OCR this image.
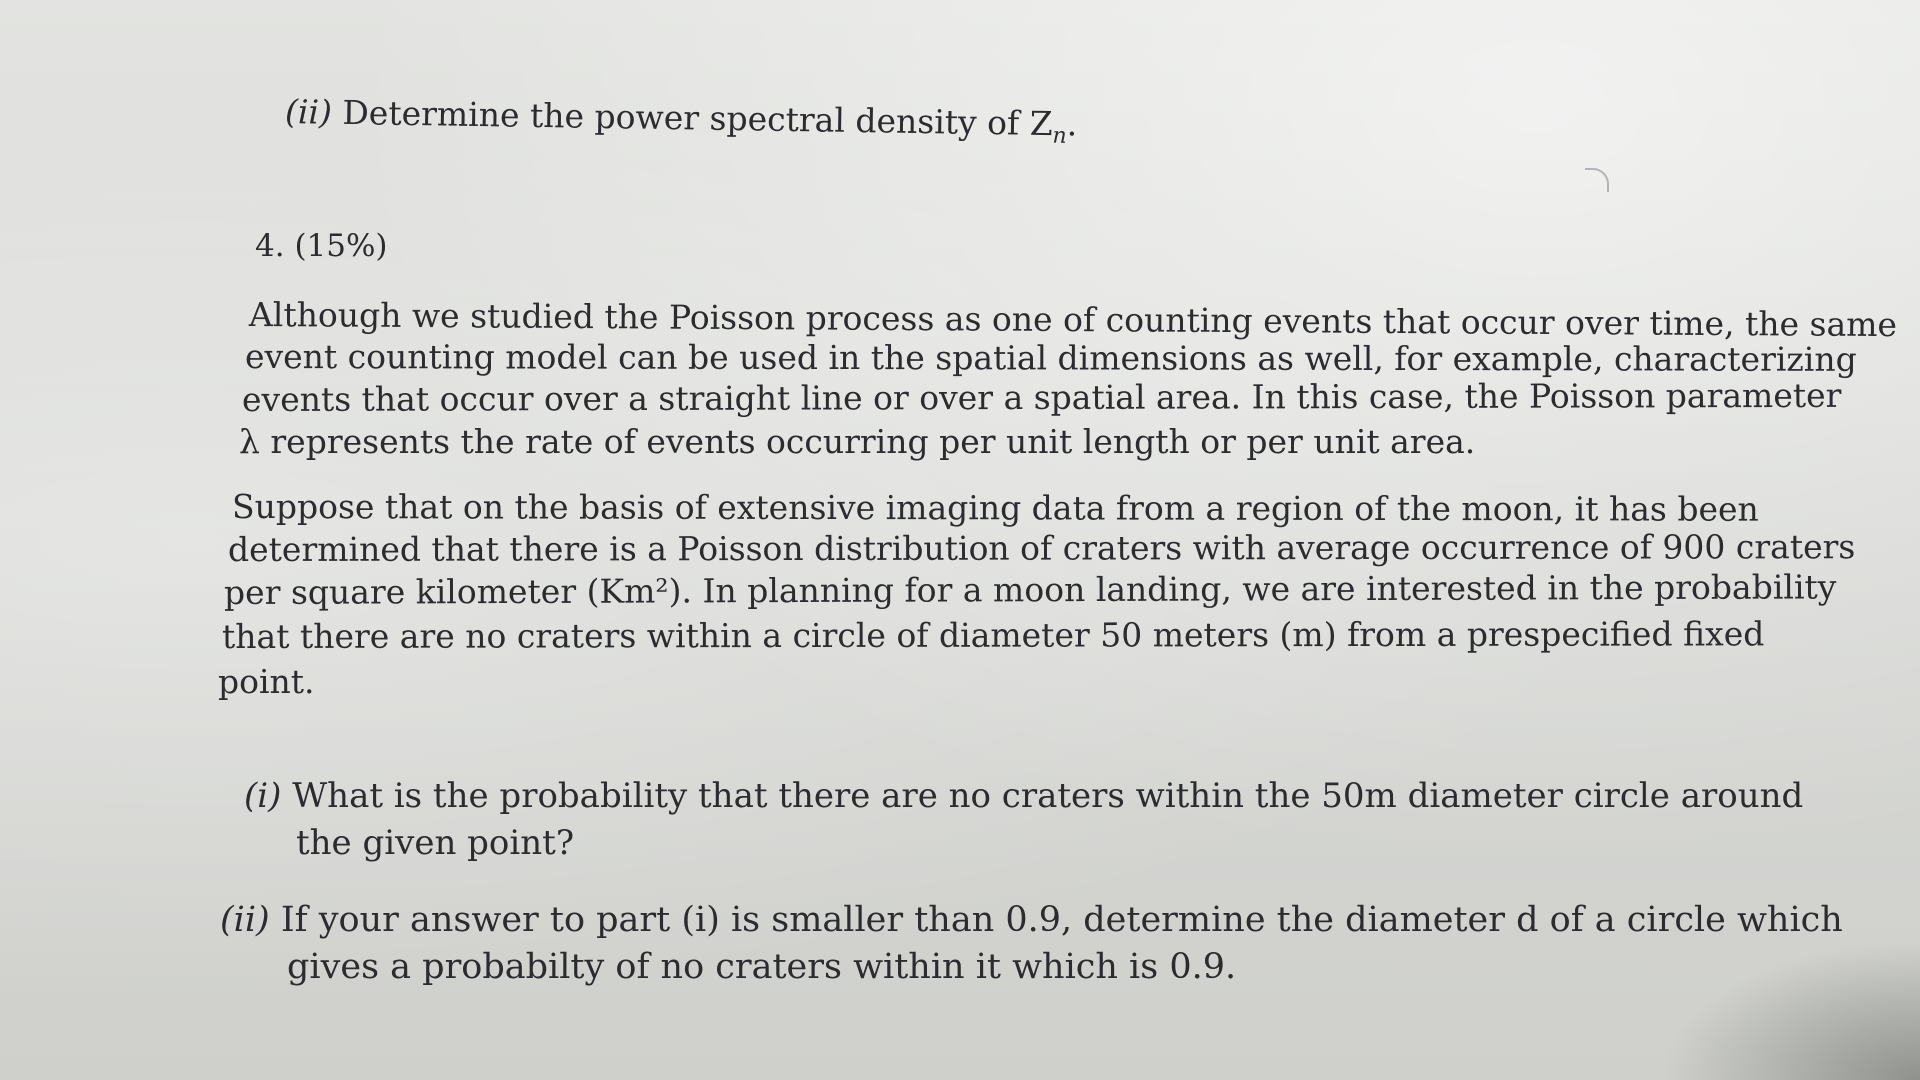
(ii) Determine the power spectral density of $Z_n$.
4. (15%)
Although we studied the Poisson process as one of counting events that occur over time, the same
event counting model can be used in the spatial dimensions as well, for example, characterizing
events that occur over a straight line or over a spatial area. In this case, the Poisson parameter
λ represents the rate of events occurring per unit length or per unit area.
Suppose that on the basis of extensive imaging data from a region of the moon, it has been
determined that there is a Poisson distribution of craters with average occurrence of 900 craters
per square kilometer (Km²). In planning for a moon landing, we are interested in the probability
that there are no craters within a circle of diameter 50 meters (m) from a prespecified fixed
point.
(i) What is the probability that there are no craters within the 50m diameter circle around
the given point?
(ii) If your answer to part (i) is smaller than 0.9, determine the diameter d of a circle which
gives a probabilty of no craters within it which is 0.9.
